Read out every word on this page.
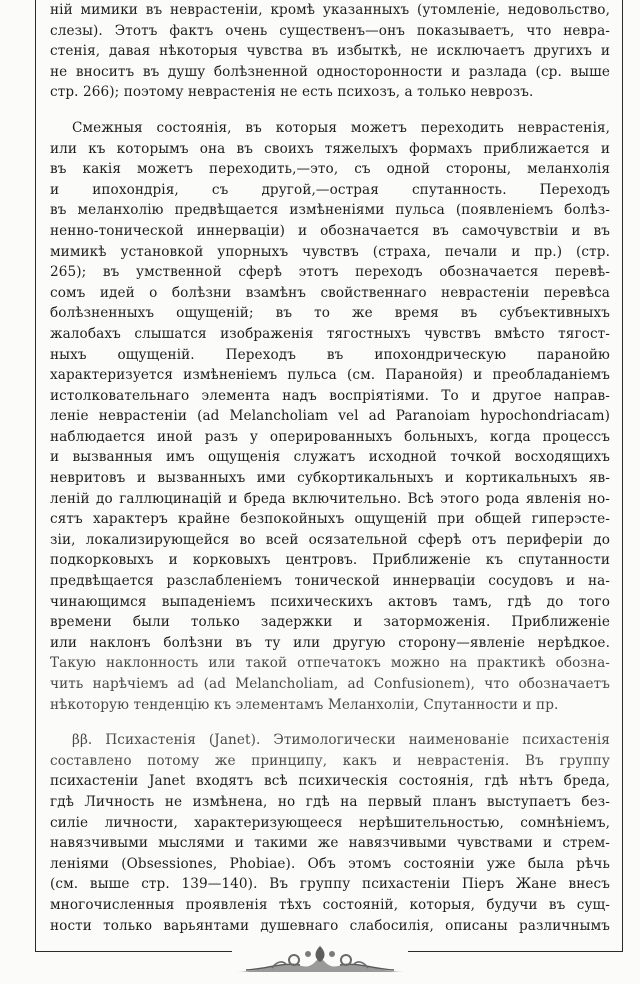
нiй мимики въ неврастенiи, кромѣ указанныхъ (утомленiе, недовольство,
слезы). Этотъ фактъ очень существенъ—онъ показываетъ, что невра-
стенiя, давая нѣкоторыя чувства въ избыткѣ, не исключаетъ другихъ и
не вноситъ въ душу болѣзненной односторонности и разлада (ср. выше
стр. 266); поэтому неврастенiя не есть психозъ, а только неврозъ.
Смежныя состоянiя, въ которыя можетъ переходить неврастенiя,
или къ которымъ она въ своихъ тяжелыхъ формахъ приближается и
въ какiя можетъ переходить,—это, съ одной стороны, меланхолiя
и ипохондрiя, съ другой,—острая спутанность. Переходъ
въ меланхолiю предвѣщается измѣненiями пульса (появленiемъ болѣз-
ненно-тонической иннервацiи) и обозначается въ самочувствiи и въ
мимикѣ установкой упорныхъ чувствъ (страха, печали и пр.) (стр.
265); въ умственной сферѣ этотъ переходъ обозначается перевѣ-
сомъ идей о болѣзни взамѣнъ свойственнаго неврастенiи перевѣса
болѣзненныхъ ощущенiй; въ то же время въ субъективныхъ
жалобахъ слышатся изображенiя тягостныхъ чувствъ вмѣсто тягост-
ныхъ ощущенiй. Переходъ въ ипохондрическую паранойю
характеризуется измѣненiемъ пульса (см. Паранойя) и преобладанiемъ
истолковательнаго элемента надъ воспрiятiями. То и другое направ-
ленiе неврастенiи (ad Melancholiam vel ad Paranoiam hypochondriacam)
наблюдается иной разъ у оперированныхъ больныхъ, когда процессъ
и вызванныя имъ ощущенiя служатъ исходной точкой восходящихъ
невритовъ и вызванныхъ ими субкортикальныхъ и кортикальныхъ яв-
ленiй до галлюцинацiй и бреда включительно. Всѣ этого рода явленiя но-
сятъ характеръ крайне безпокойныхъ ощущенiй при общей гиперэсте-
зiи, локализирующейся во всей осязательной сферѣ отъ периферiи до
подкорковыхъ и корковыхъ центровъ. Приближенiе къ спутанности
предвѣщается разслабленiемъ тонической иннервацiи сосудовъ и на-
чинающимся выпаденiемъ психическихъ актовъ тамъ, гдѣ до того
времени были только задержки и заторможенiя. Приближенiе
или наклонъ болѣзни въ ту или другую сторону—явленiе нерѣдкое.
Такую наклонность или такой отпечатокъ можно на практикѣ обозна-
чить нарѣчiемъ ad (ad Melancholiam, ad Confusionem), что обозначаетъ
нѣкоторую тенденцiю къ элементамъ Меланхолiи, Спутанности и пр.
ββ. Психастенiя (Janet). Этимологически наименованiе психастенiя
составлено потому же принципу, какъ и неврастенiя. Въ группу
психастенiи Janet входятъ всѣ психическiя состоянiя, гдѣ нѣтъ бреда,
гдѣ Личность не измѣнена, но гдѣ на первый планъ выступаетъ без-
силiе личности, характеризующееся нерѣшительностью, сомнѣнiемъ,
навязчивыми мыслями и такими же навязчивыми чувствами и стрем-
ленiями (Obsessiones, Phobiae). Объ этомъ состоянiи уже была рѣчь
(см. выше стр. 139—140). Въ группу психастенiи Пiеръ Жане внесъ
многочисленныя проявленiя тѣхъ состоянiй, которыя, будучи въ сущ-
ности только варьянтами душевнаго слабосилiя, описаны различнымъ
